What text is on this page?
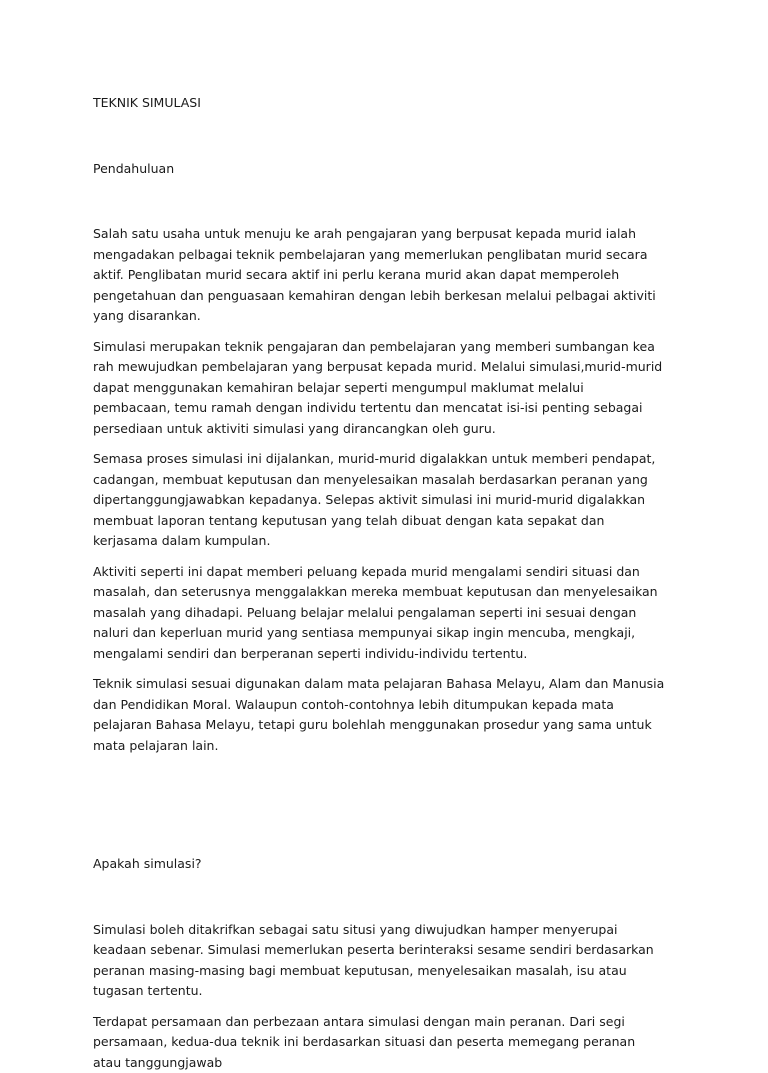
TEKNIK SIMULASI

Pendahuluan

Salah satu usaha untuk menuju ke arah pengajaran yang berpusat kepada murid ialah mengadakan pelbagai teknik pembelajaran yang memerlukan penglibatan murid secara aktif. Penglibatan murid secara aktif ini perlu kerana murid akan dapat memperoleh pengetahuan dan penguasaan kemahiran dengan lebih berkesan melalui pelbagai aktiviti yang disarankan.

Simulasi merupakan teknik pengajaran dan pembelajaran yang memberi sumbangan kea rah mewujudkan pembelajaran yang berpusat kepada murid. Melalui simulasi,murid-murid dapat menggunakan kemahiran belajar seperti mengumpul maklumat melalui pembacaan, temu ramah dengan individu tertentu dan mencatat isi-isi penting sebagai persediaan untuk aktiviti simulasi yang dirancangkan oleh guru.

Semasa proses simulasi ini dijalankan, murid-murid digalakkan untuk memberi pendapat, cadangan, membuat keputusan dan menyelesaikan masalah berdasarkan peranan yang dipertanggungjawabkan kepadanya. Selepas aktivit simulasi ini murid-murid digalakkan membuat laporan tentang keputusan yang telah dibuat dengan kata sepakat dan kerjasama dalam kumpulan.

Aktiviti seperti ini dapat memberi peluang kepada murid mengalami sendiri situasi dan masalah, dan seterusnya menggalakkan mereka membuat keputusan dan menyelesaikan masalah yang dihadapi. Peluang belajar melalui pengalaman seperti ini sesuai dengan naluri dan keperluan murid yang sentiasa mempunyai sikap ingin mencuba, mengkaji, mengalami sendiri dan berperanan seperti individu-individu tertentu.

Teknik simulasi sesuai digunakan dalam mata pelajaran Bahasa Melayu, Alam dan Manusia dan Pendidikan Moral. Walaupun contoh-contohnya lebih ditumpukan kepada mata pelajaran Bahasa Melayu, tetapi guru bolehlah menggunakan prosedur yang sama untuk mata pelajaran lain.

Apakah simulasi?

Simulasi boleh ditakrifkan sebagai satu situsi yang diwujudkan hamper menyerupai keadaan sebenar. Simulasi memerlukan peserta berinteraksi sesame sendiri berdasarkan peranan masing-masing bagi membuat keputusan, menyelesaikan masalah, isu atau tugasan tertentu.

Terdapat persamaan dan perbezaan antara simulasi dengan main peranan. Dari segi persamaan, kedua-dua teknik ini berdasarkan situasi dan peserta memegang peranan atau tanggungjawab
